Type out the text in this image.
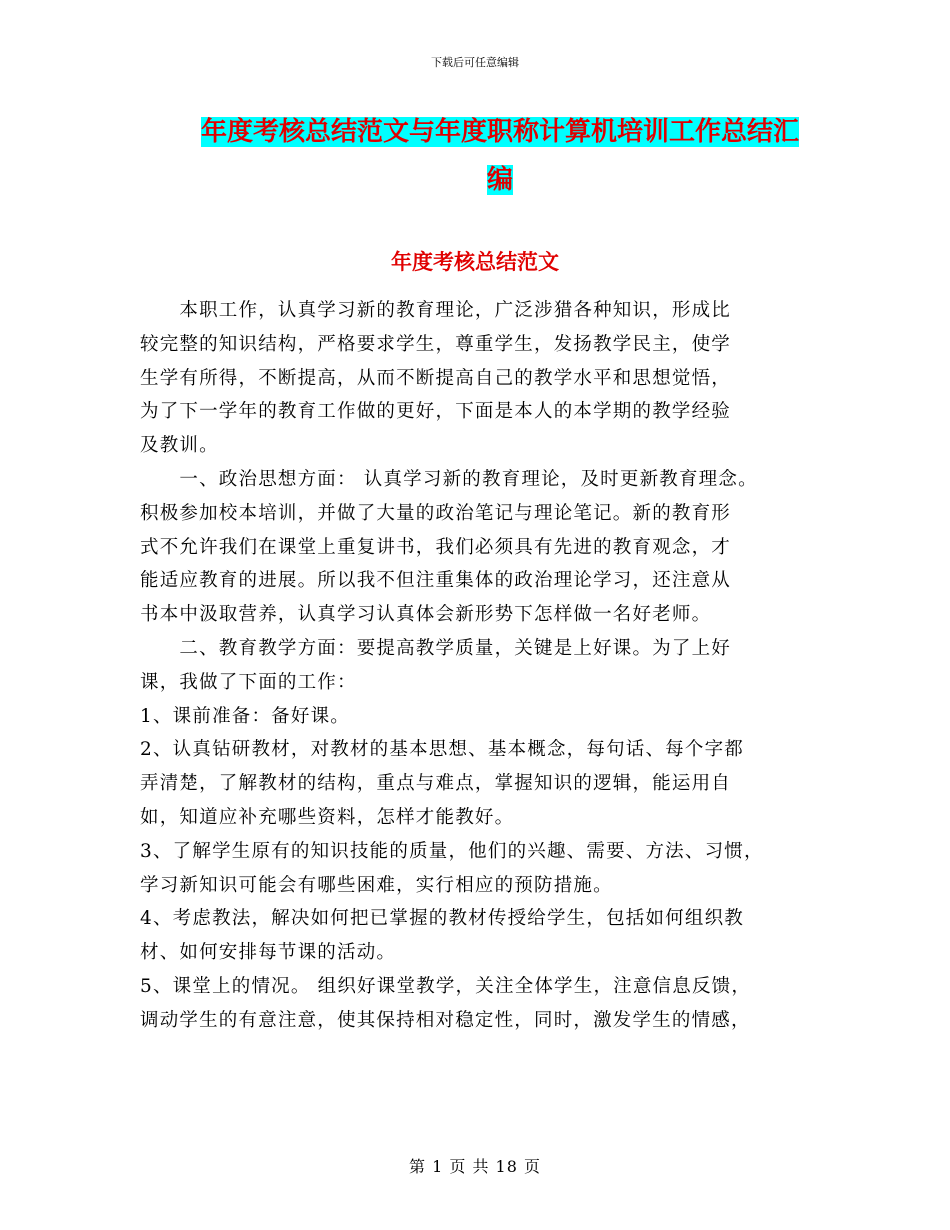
下载后可任意编辑
年度考核总结范文与年度职称计算机培训工作总结汇
编
年度考核总结范文

　　本职工作，认真学习新的教育理论，广泛涉猎各种知识，形成比
较完整的知识结构，严格要求学生，尊重学生，发扬教学民主，使学
生学有所得，不断提高，从而不断提高自己的教学水平和思想觉悟，
为了下一学年的教育工作做的更好，下面是本人的本学期的教学经验
及教训。

　　一、政治思想方面： 认真学习新的教育理论，及时更新教育理念。
积极参加校本培训，并做了大量的政治笔记与理论笔记。新的教育形
式不允许我们在课堂上重复讲书，我们必须具有先进的教育观念，才
能适应教育的进展。所以我不但注重集体的政治理论学习，还注意从
书本中汲取营养，认真学习认真体会新形势下怎样做一名好老师。

　　二、教育教学方面：要提高教学质量，关键是上好课。为了上好
课，我做了下面的工作：

1、课前准备：备好课。

2、认真钻研教材，对教材的基本思想、基本概念，每句话、每个字都
弄清楚，了解教材的结构，重点与难点，掌握知识的逻辑，能运用自
如，知道应补充哪些资料，怎样才能教好。

3、了解学生原有的知识技能的质量，他们的兴趣、需要、方法、习惯，
学习新知识可能会有哪些困难，实行相应的预防措施。

4、考虑教法，解决如何把已掌握的教材传授给学生，包括如何组织教
材、如何安排每节课的活动。

5、课堂上的情况。 组织好课堂教学，关注全体学生，注意信息反馈，
调动学生的有意注意，使其保持相对稳定性，同时，激发学生的情感，

第 1 页 共 18 页
